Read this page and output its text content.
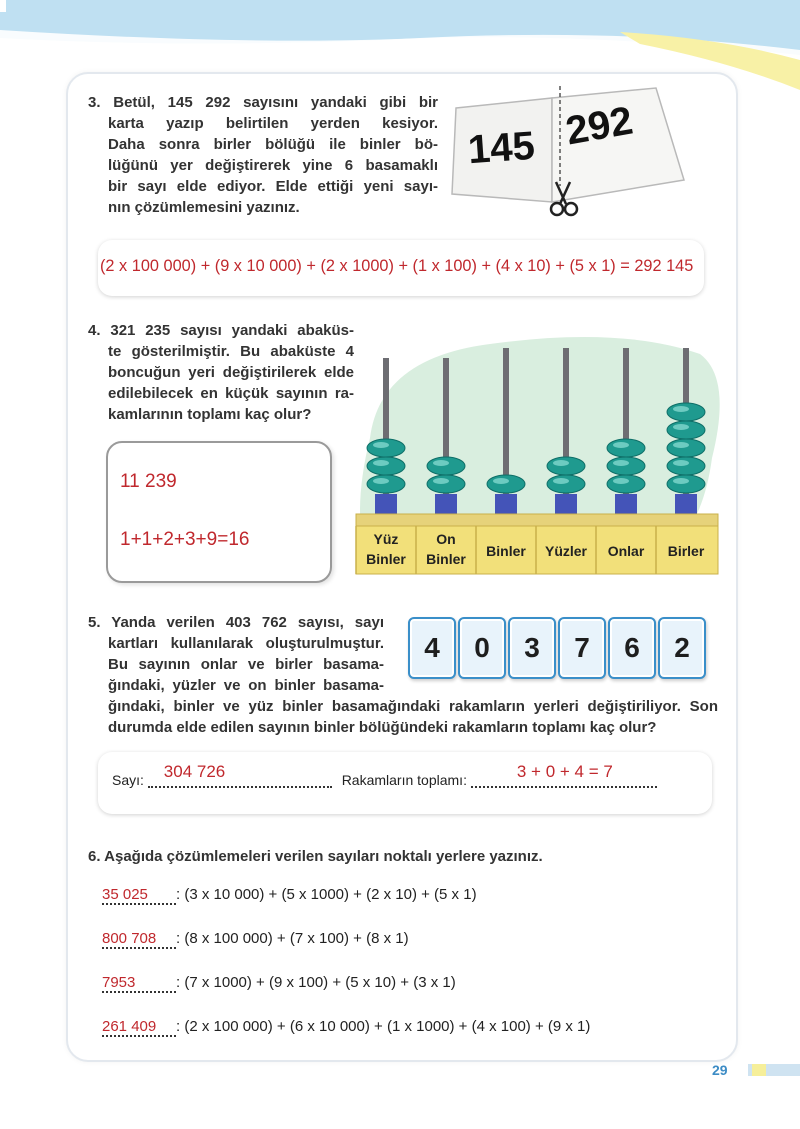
3. Betül, 145 292 sayısını yandaki gibi bir
karta yazıp belirtilen yerden kesiyor.
Daha sonra birler bölüğü ile binler bö-
lüğünü yer değiştirerek yine 6 basamaklı
bir sayı elde ediyor. Elde ettiği yeni sayı-
nın çözümlemesini yazınız.
145 292
(2 x 100 000) + (9 x 10 000) + (2 x 1000) + (1 x 100) + (4 x 10) + (5 x 1) = 292 145
4. 321 235 sayısı yandaki abaküs-
te gösterilmiştir. Bu abaküste 4
boncuğun yeri değiştirilerek elde
edilebilecek en küçük sayının ra-
kamlarının toplamı kaç olur?
11 239
1+1+2+3+9=16	Yüz
Binler
On
Binler Binler Yüzler Onlar Birler
5. Yanda verilen 403 762 sayısı, sayı
kartları kullanılarak oluşturulmuştur.
Bu sayının onlar ve birler basama-
ğındaki, yüzler ve on binler basama-
ğındaki, binler ve yüz binler basamağındaki rakamların yerleri değiştiriliyor. Son
durumda elde edilen sayının binler bölüğündeki rakamların toplamı kaç olur?
4	0	3	7	6	2
Sayı: 304 726	Rakamların toplamı:	3 + 0 + 4 = 7
6. Aşağıda çözümlemeleri verilen sayıları noktalı yerlere yazınız.
35 025 : (3 x 10 000) + (5 x 1000) + (2 x 10) + (5 x 1)
800 708 : (8 x 100 000) + (7 x 100) + (8 x 1)
7953	: (7 x 1000) + (9 x 100) + (5 x 10) + (3 x 1)
261 409 : (2 x 100 000) + (6 x 10 000) + (1 x 1000) + (4 x 100) + (9 x 1)
29
